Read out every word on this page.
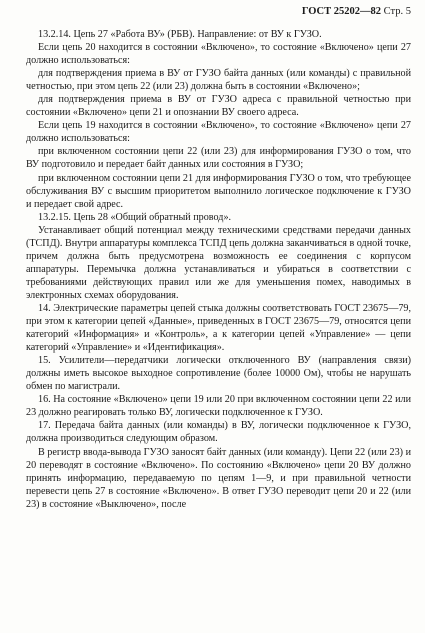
ГОСТ 25202—82 Стр. 5

13.2.14. Цепь 27 «Работа ВУ» (РБВ). Направление: от ВУ к ГУЗО.

Если цепь 20 находится в состоянии «Включено», то состояние «Включено» цепи 27 должно использоваться:

для подтверждения приема в ВУ от ГУЗО байта данных (или команды) с правильной четностью, при этом цепь 22 (или 23) должна быть в состоянии «Включено»;

для подтверждения приема в ВУ от ГУЗО адреса с правильной четностью при состоянии «Включено» цепи 21 и опознании ВУ своего адреса.

Если цепь 19 находится в состоянии «Включено», то состояние «Включено» цепи 27 должно использоваться:

при включенном состоянии цепи 22 (или 23) для информирования ГУЗО о том, что ВУ подготовило и передает байт данных или состояния в ГУЗО;

при включенном состоянии цепи 21 для информирования ГУЗО о том, что требующее обслуживания ВУ с высшим приоритетом выполнило логическое подключение к ГУЗО и передает свой адрес.

13.2.15. Цепь 28 «Общий обратный провод».

Устанавливает общий потенциал между техническими средствами передачи данных (ТСПД). Внутри аппаратуры комплекса ТСПД цепь должна заканчиваться в одной точке, причем должна быть предусмотрена возможность ее соединения с корпусом аппаратуры. Перемычка должна устанавливаться и убираться в соответствии с требованиями действующих правил или же для уменьшения помех, наводимых в электронных схемах оборудования.

14. Электрические параметры цепей стыка должны соответствовать ГОСТ 23675—79, при этом к категории цепей «Данные», приведенных в ГОСТ 23675—79, относятся цепи категорий «Информация» и «Контроль», а к категории цепей «Управление» — цепи категорий «Управление» и «Идентификация».

15. Усилители—передатчики логически отключенного ВУ (направления связи) должны иметь высокое выходное сопротивление (более 10000 Ом), чтобы не нарушать обмен по магистрали.

16. На состояние «Включено» цепи 19 или 20 при включенном состоянии цепи 22 или 23 должно реагировать только ВУ, логически подключенное к ГУЗО.

17. Передача байта данных (или команды) в ВУ, логически подключенное к ГУЗО, должна производиться следующим образом.

В регистр ввода-вывода ГУЗО заносят байт данных (или команду). Цепи 22 (или 23) и 20 переводят в состояние «Включено». По состоянию «Включено» цепи 20 ВУ должно принять информацию, передаваемую по цепям 1—9, и при правильной четности перевести цепь 27 в состояние «Включено». В ответ ГУЗО переводит цепи 20 и 22 (или 23) в состояние «Выключено», после
